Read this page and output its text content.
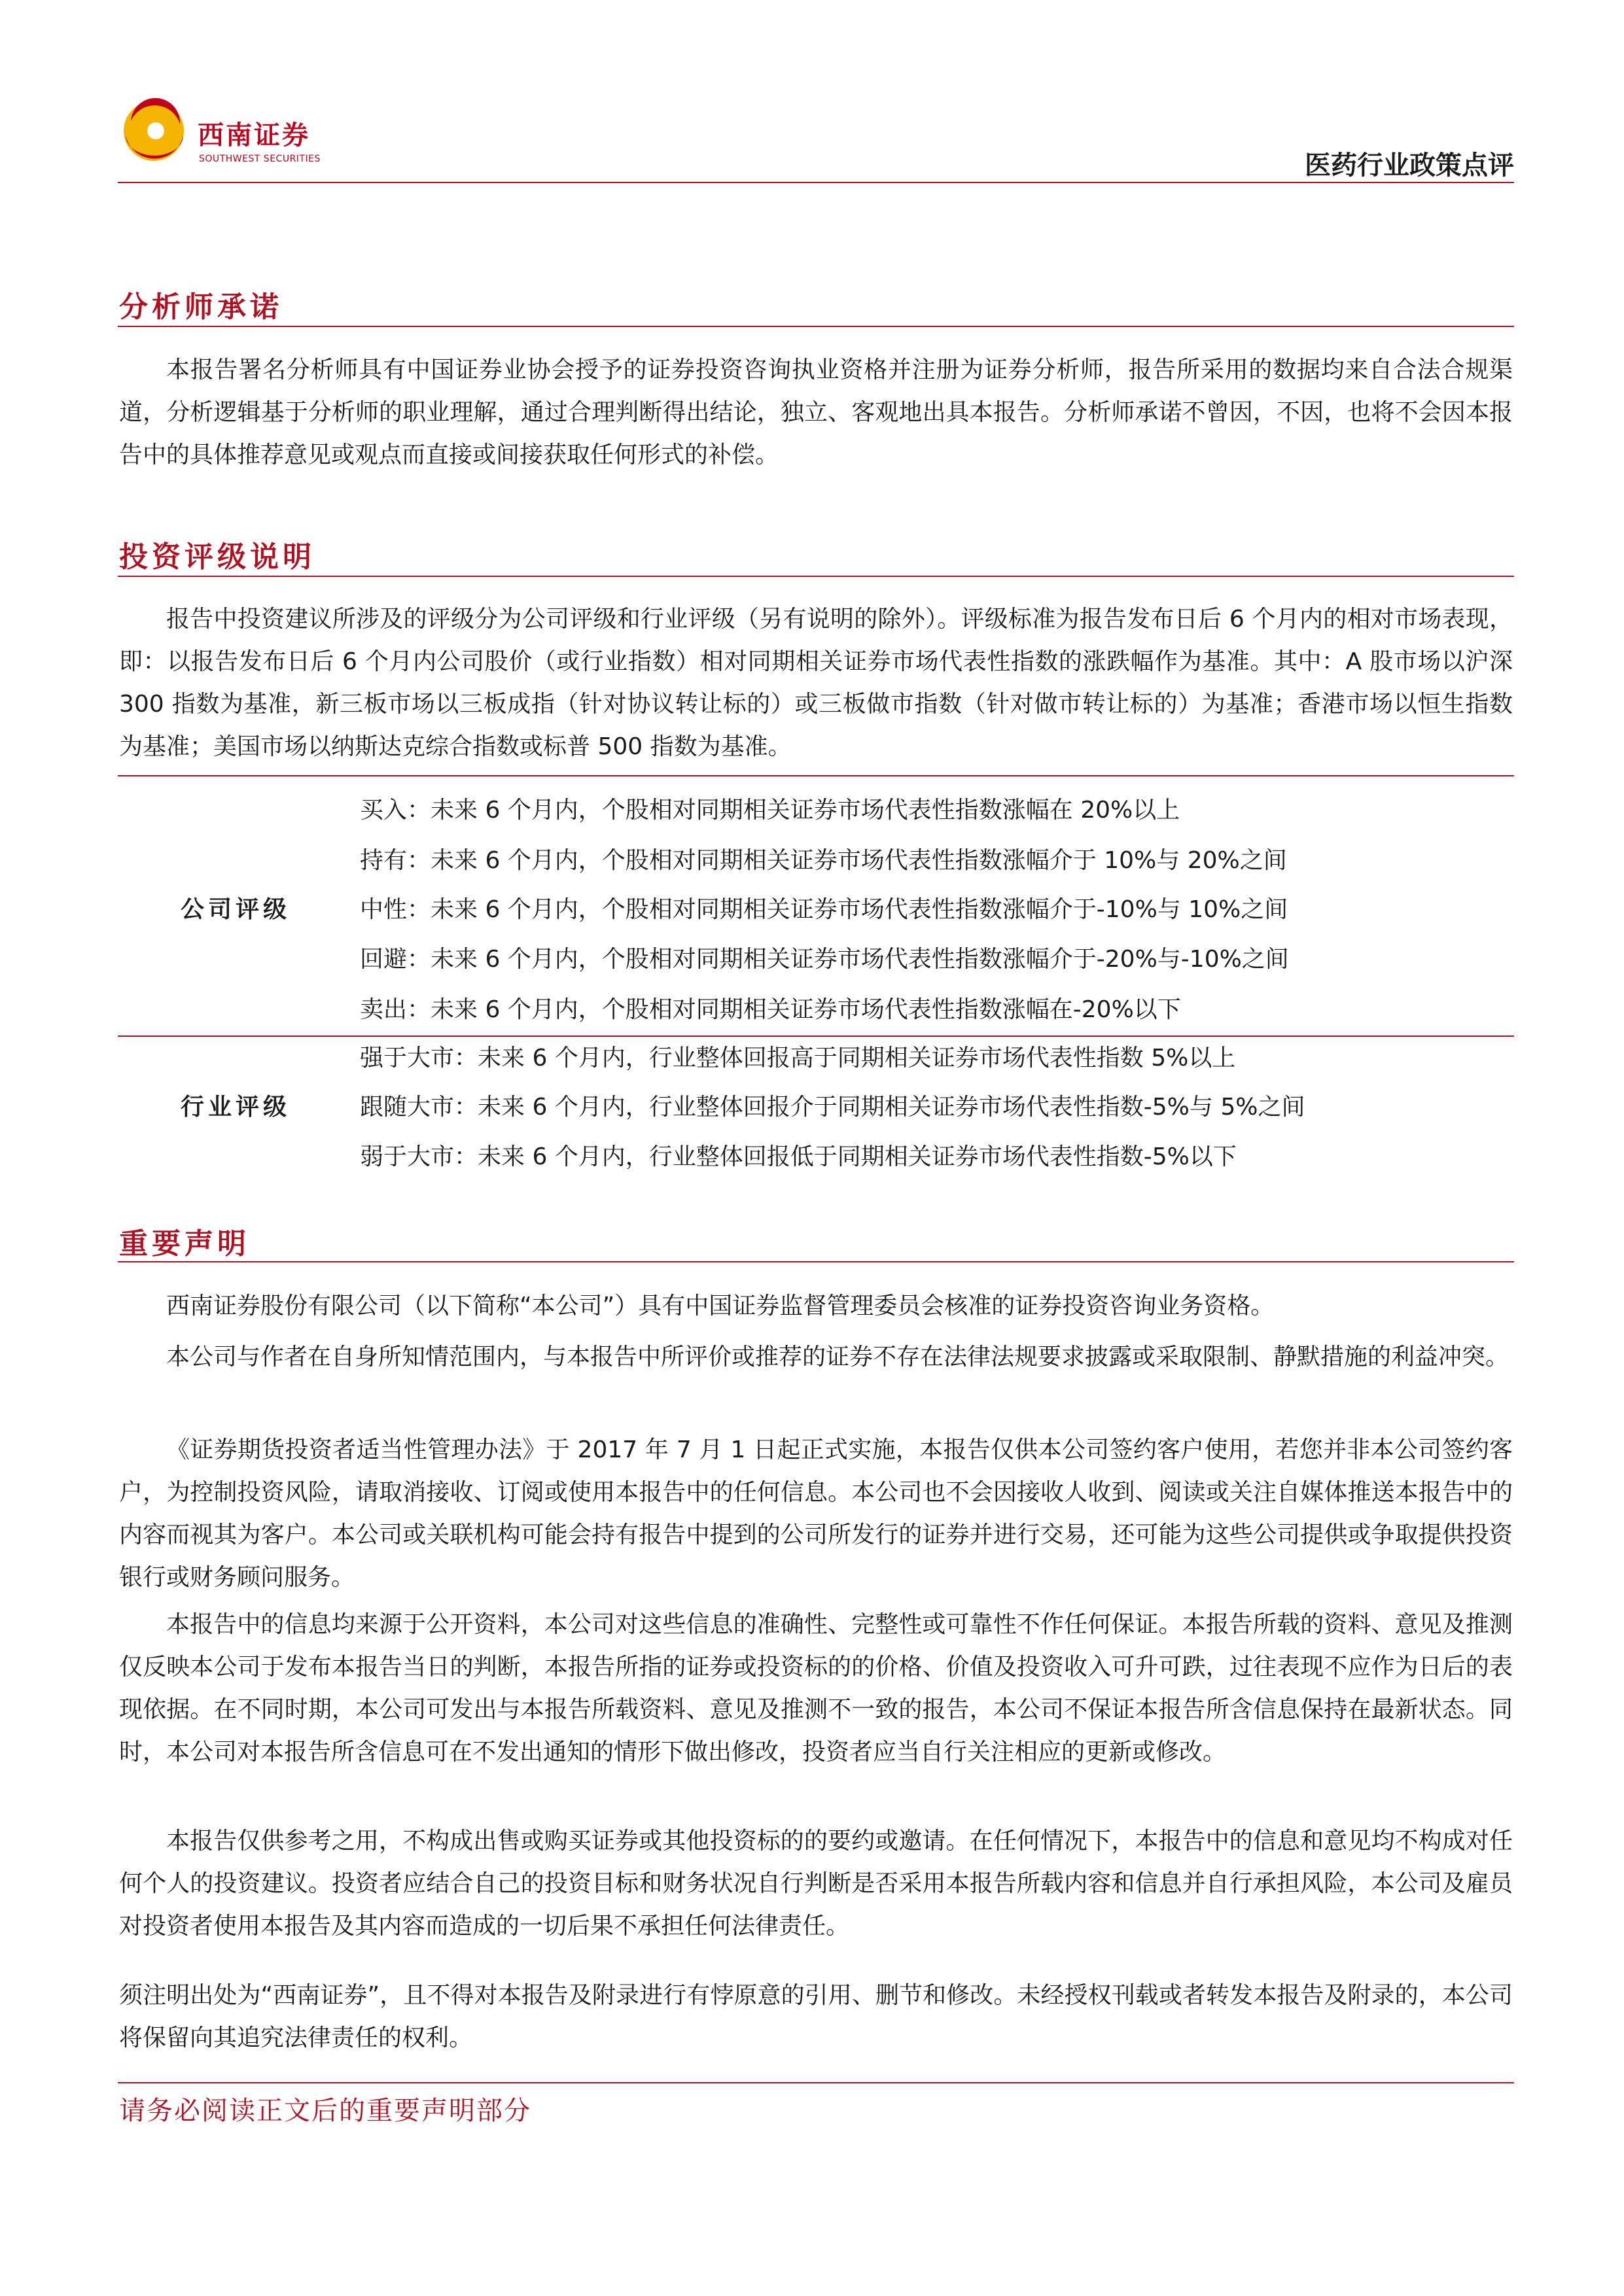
西南证券
SOUTHWEST SECURITIES	医药行业政策点评
分析师承诺
本报告署名分析师具有中国证券业协会授予的证券投资咨询执业资格并注册为证券分析师，报告所采用的数据均来自合法合规渠道，分析逻辑基于分析师的职业理解，通过合理判断得出结论，独立、客观地出具本报告。分析师承诺不曾因，不因，也将不会因本报告中的具体推荐意见或观点而直接或间接获取任何形式的补偿。
投资评级说明
报告中投资建议所涉及的评级分为公司评级和行业评级（另有说明的除外）。评级标准为报告发布日后 6 个月内的相对市场表现，即：以报告发布日后 6 个月内公司股价（或行业指数）相对同期相关证券市场代表性指数的涨跌幅作为基准。其中：A 股市场以沪深 300 指数为基准，新三板市场以三板成指（针对协议转让标的）或三板做市指数（针对做市转让标的）为基准；香港市场以恒生指数为基准；美国市场以纳斯达克综合指数或标普 500 指数为基准。
公司评级
买入：未来 6 个月内，个股相对同期相关证券市场代表性指数涨幅在 20%以上
持有：未来 6 个月内，个股相对同期相关证券市场代表性指数涨幅介于 10%与 20%之间
中性：未来 6 个月内，个股相对同期相关证券市场代表性指数涨幅介于-10%与 10%之间
回避：未来 6 个月内，个股相对同期相关证券市场代表性指数涨幅介于-20%与-10%之间
卖出：未来 6 个月内，个股相对同期相关证券市场代表性指数涨幅在-20%以下
行业评级
强于大市：未来 6 个月内，行业整体回报高于同期相关证券市场代表性指数 5%以上
跟随大市：未来 6 个月内，行业整体回报介于同期相关证券市场代表性指数-5%与 5%之间
弱于大市：未来 6 个月内，行业整体回报低于同期相关证券市场代表性指数-5%以下
重要声明
西南证券股份有限公司（以下简称“本公司”）具有中国证券监督管理委员会核准的证券投资咨询业务资格。
本公司与作者在自身所知情范围内，与本报告中所评价或推荐的证券不存在法律法规要求披露或采取限制、静默措施的利益冲突。
《证券期货投资者适当性管理办法》于 2017 年 7 月 1 日起正式实施，本报告仅供本公司签约客户使用，若您并非本公司签约客户，为控制投资风险，请取消接收、订阅或使用本报告中的任何信息。本公司也不会因接收人收到、阅读或关注自媒体推送本报告中的内容而视其为客户。本公司或关联机构可能会持有报告中提到的公司所发行的证券并进行交易，还可能为这些公司提供或争取提供投资银行或财务顾问服务。
本报告中的信息均来源于公开资料，本公司对这些信息的准确性、完整性或可靠性不作任何保证。本报告所载的资料、意见及推测仅反映本公司于发布本报告当日的判断，本报告所指的证券或投资标的的价格、价值及投资收入可升可跌，过往表现不应作为日后的表现依据。在不同时期，本公司可发出与本报告所载资料、意见及推测不一致的报告，本公司不保证本报告所含信息保持在最新状态。同时，本公司对本报告所含信息可在不发出通知的情形下做出修改，投资者应当自行关注相应的更新或修改。
本报告仅供参考之用，不构成出售或购买证券或其他投资标的的要约或邀请。在任何情况下，本报告中的信息和意见均不构成对任何个人的投资建议。投资者应结合自己的投资目标和财务状况自行判断是否采用本报告所载内容和信息并自行承担风险，本公司及雇员对投资者使用本报告及其内容而造成的一切后果不承担任何法律责任。
须注明出处为“西南证券”，且不得对本报告及附录进行有悖原意的引用、删节和修改。未经授权刊载或者转发本报告及附录的，本公司将保留向其追究法律责任的权利。
请务必阅读正文后的重要声明部分
